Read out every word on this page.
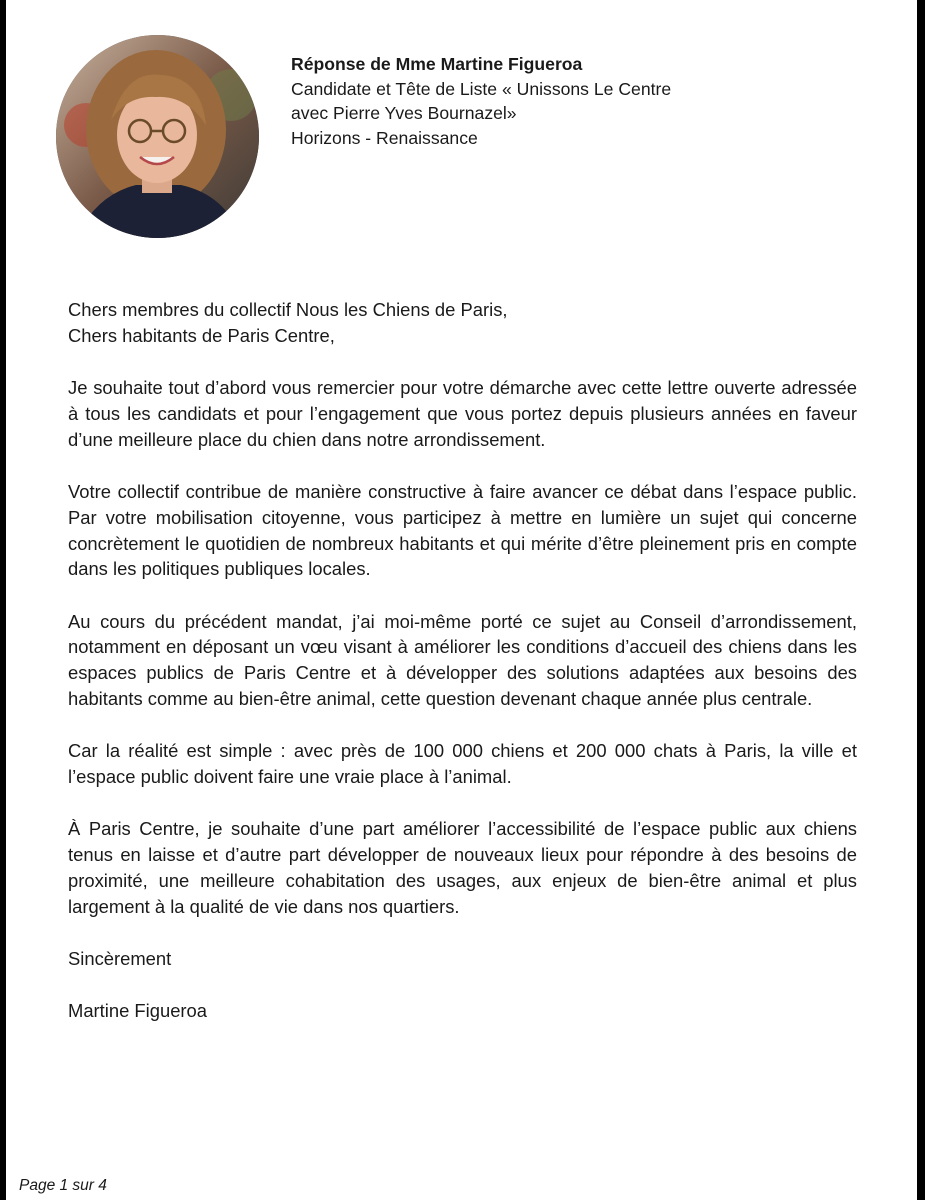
Réponse de Mme Martine Figueroa
Candidate et Tête de Liste « Unissons Le Centre
avec Pierre Yves Bournazel»
Horizons - Renaissance

Chers membres du collectif Nous les Chiens de Paris,

Chers habitants de Paris Centre,

Je souhaite tout d’abord vous remercier pour votre démarche avec cette lettre ouverte adressée à tous les candidats et pour l’engagement que vous portez depuis plusieurs années en faveur d’une meilleure place du chien dans notre arrondissement.

Votre collectif contribue de manière constructive à faire avancer ce débat dans l’espace public. Par votre mobilisation citoyenne, vous participez à mettre en lumière un sujet qui concerne concrètement le quotidien de nombreux habitants et qui mérite d’être pleinement pris en compte dans les politiques publiques locales.

Au cours du précédent mandat, j’ai moi-même porté ce sujet au Conseil d’arrondissement, notamment en déposant un vœu visant à améliorer les conditions d’accueil des chiens dans les espaces publics de Paris Centre et à développer des solutions adaptées aux besoins des habitants comme au bien-être animal, cette question devenant chaque année plus centrale.

Car la réalité est simple : avec près de 100 000 chiens et 200 000 chats à Paris, la ville et l’espace public doivent faire une vraie place à l’animal.

À Paris Centre, je souhaite d’une part améliorer l’accessibilité de l’espace public aux chiens tenus en laisse et d’autre part développer de nouveaux lieux pour répondre à des besoins de proximité, une meilleure cohabitation des usages, aux enjeux de bien-être animal et plus largement à la qualité de vie dans nos quartiers.

Sincèrement

Martine Figueroa

Page 1 sur 4
